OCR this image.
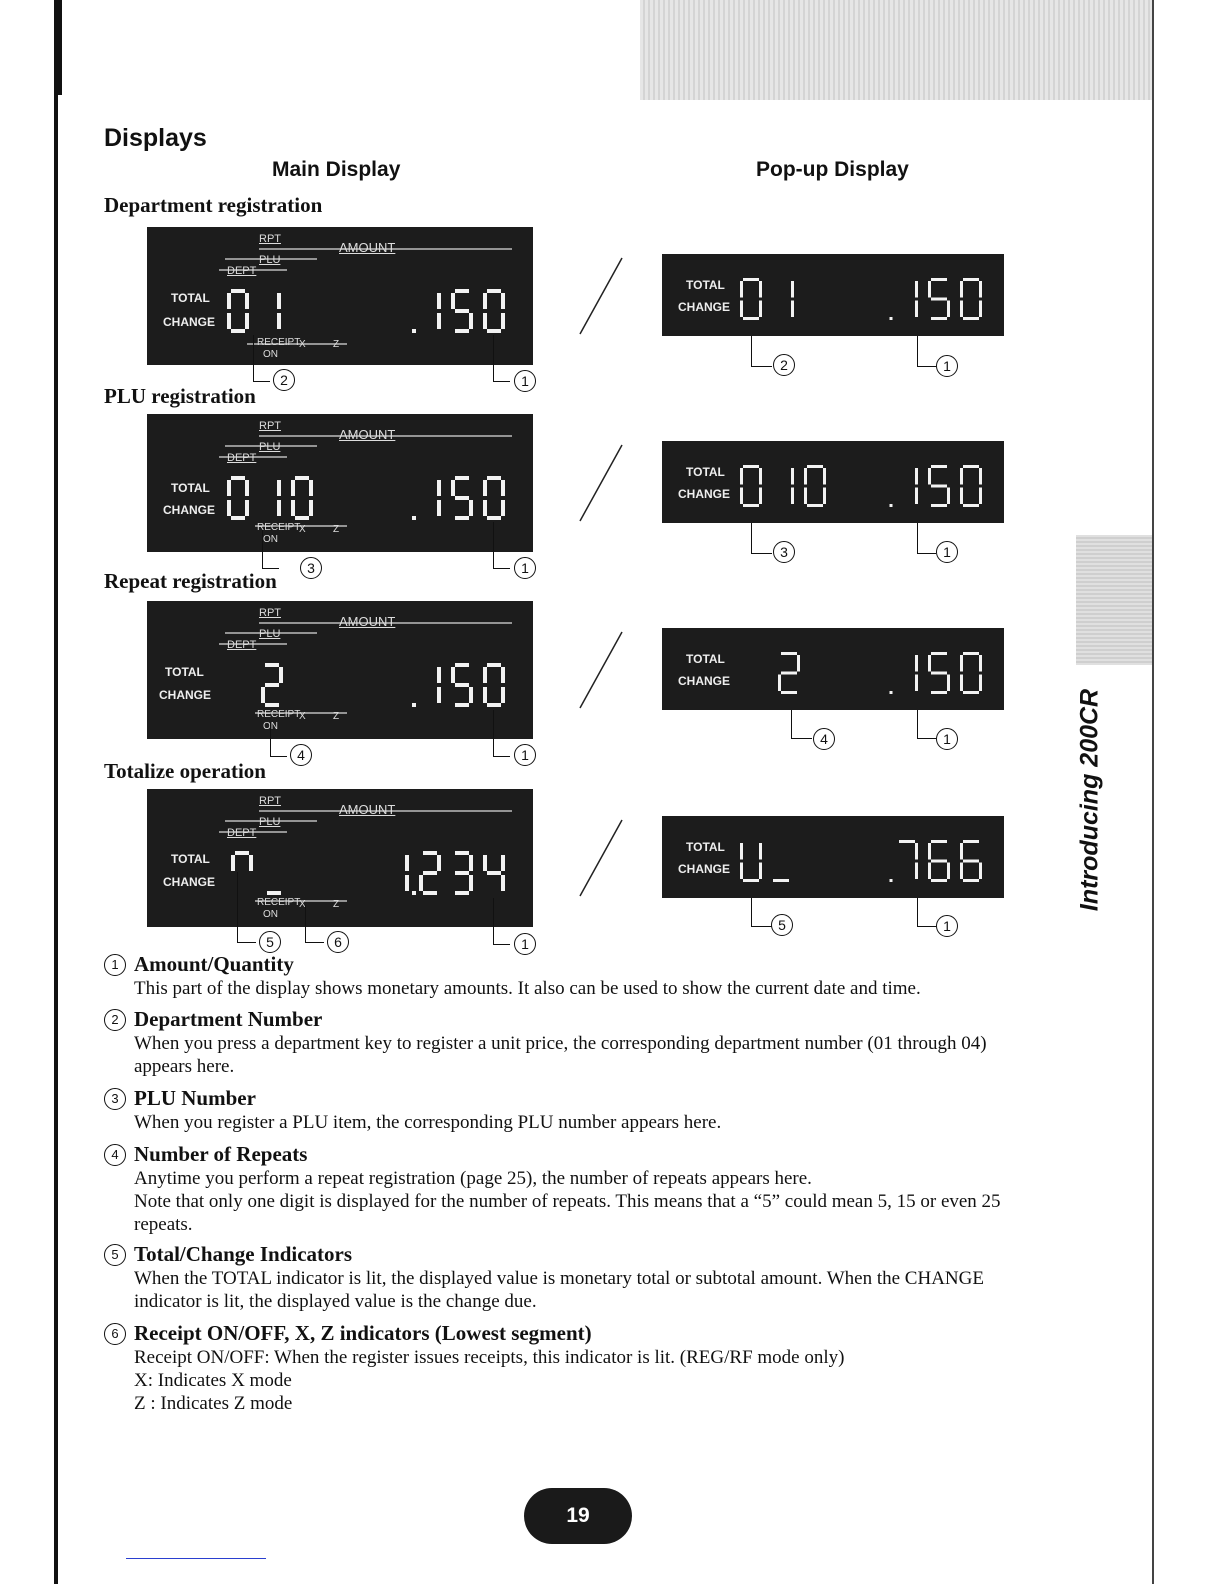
Introducing 200CR
Displays
Main Display	Pop-up Display
Department registration
RPT
AMOUNT
PLU
DEPT
TOTAL
CHANGE
RECEIPT
ON
X	Z
2	1
TOTAL
CHANGE
2	1
PLU registration
RPT
AMOUNT
PLU
DEPT
TOTAL
CHANGE
RECEIPT
ON
X	Z
3	1
TOTAL
CHANGE
3	1
Repeat registration
RPT
AMOUNT
PLU
DEPT
TOTAL
CHANGE
RECEIPT
ON
X	Z
4	1
TOTAL
CHANGE
4	1
Totalize operation
RPT
AMOUNT
PLU
DEPT
TOTAL
CHANGE
RECEIPT
ON
X	Z
5	6	1
TOTAL
CHANGE
5	1
1 Amount/Quantity

This part of the display shows monetary amounts. It also can be used to show the current date and time.

2 Department Number

When you press a department key to register a unit price, the corresponding department number (01 through 04) appears here.

3 PLU Number

When you register a PLU item, the corresponding PLU number appears here.

4 Number of Repeats

Anytime you perform a repeat registration (page 25), the number of repeats appears here.

Note that only one digit is displayed for the number of repeats. This means that a “5” could mean 5, 15 or even 25 repeats.

5 Total/Change Indicators

When the TOTAL indicator is lit, the displayed value is monetary total or subtotal amount. When the CHANGE indicator is lit, the displayed value is the change due.

6 Receipt ON/OFF, X, Z indicators (Lowest segment)

Receipt ON/OFF: When the register issues receipts, this indicator is lit. (REG/RF mode only)

X: Indicates X mode

Z : Indicates Z mode

19
